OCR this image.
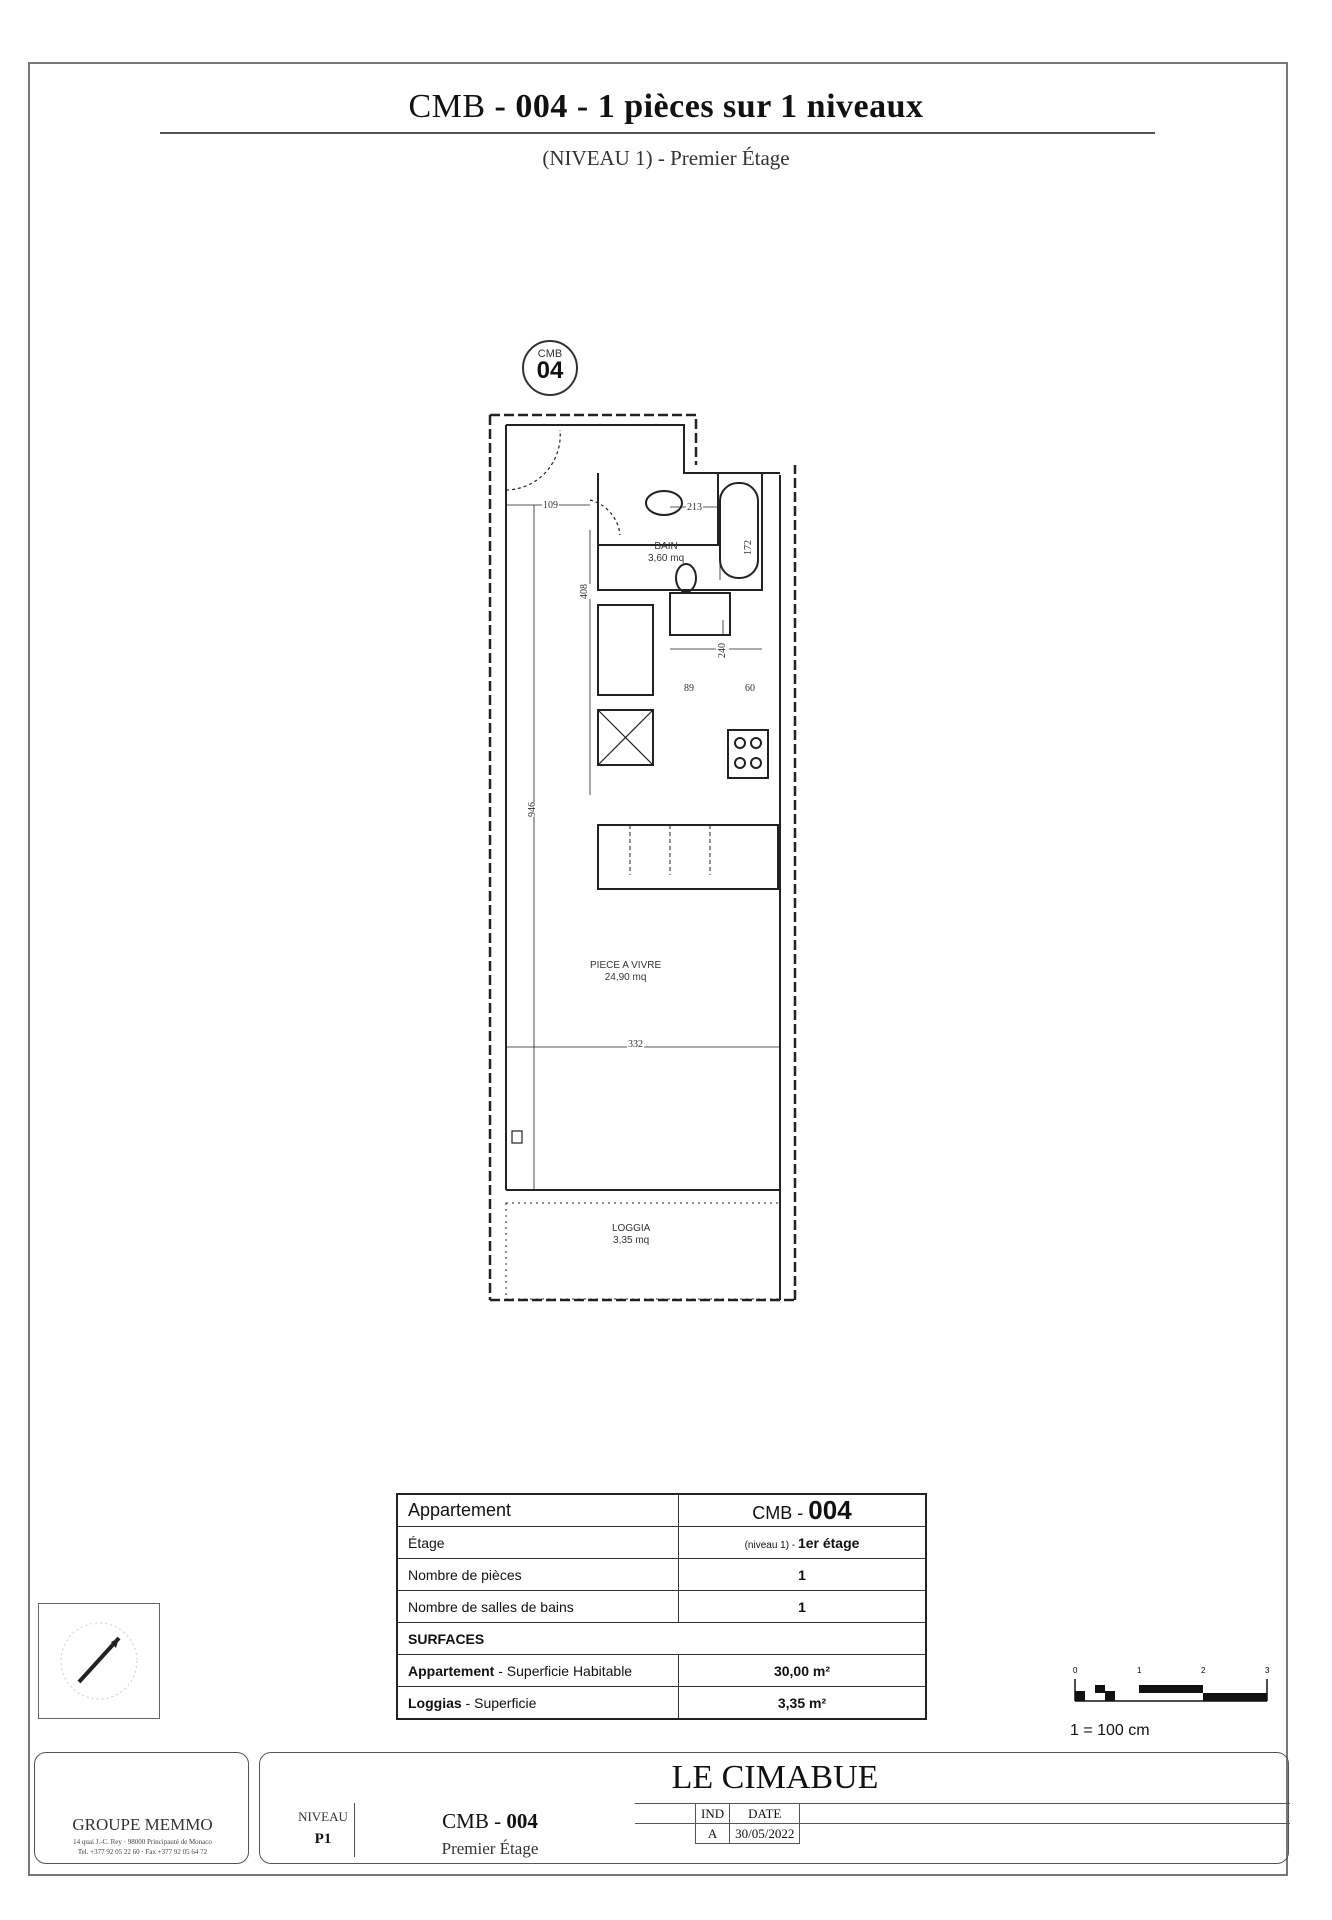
CMB - 004 - 1 pièces sur 1 niveaux
(NIVEAU 1) - Premier Étage
CMB
04
BAIN
3,60 mq
PIECE A VIVRE
24,90 mq
LOGGIA
3,35 mq
109	213
172
408
240
89	60
946
332
Appartement	CMB - 004
Étage	(niveau 1) - 1er étage
Nombre de pièces	1
Nombre de salles de bains	1
SURFACES	
Appartement - Superficie Habitable	30,00 m²
Loggias - Superficie	3,35 m²
0	1	2	3
1 = 100 cm
GROUPE MEMMO
14 quai J.-C. Rey · 98000 Principauté de Monaco
Tel. +377 92 05 22 60 · Fax +377 92 05 64 72
LE CIMABUE
NIVEAU
P1
CMB - 004
Premier Étage
IND	DATE
A	30/05/2022
